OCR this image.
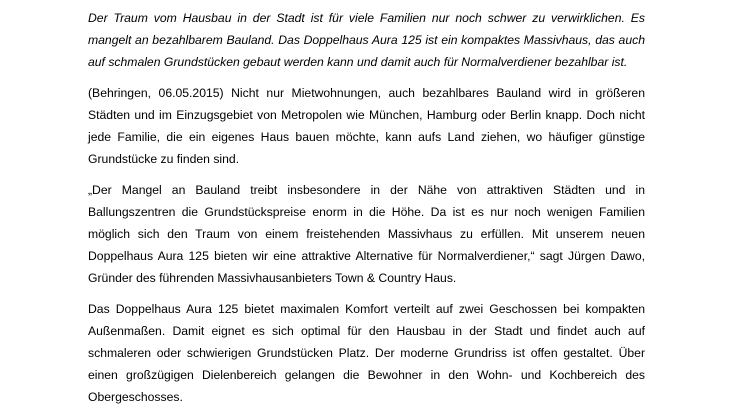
Der Traum vom Hausbau in der Stadt ist für viele Familien nur noch schwer zu verwirklichen. Es mangelt an bezahlbarem Bauland. Das Doppelhaus Aura 125 ist ein kompaktes Massivhaus, das auch auf schmalen Grundstücken gebaut werden kann und damit auch für Normalverdiener bezahlbar ist.

(Behringen, 06.05.2015) Nicht nur Mietwohnungen, auch bezahlbares Bauland wird in größeren Städten und im Einzugsgebiet von Metropolen wie München, Hamburg oder Berlin knapp. Doch nicht jede Familie, die ein eigenes Haus bauen möchte, kann aufs Land ziehen, wo häufiger günstige Grundstücke zu finden sind.

„Der Mangel an Bauland treibt insbesondere in der Nähe von attraktiven Städten und in Ballungszentren die Grundstückspreise enorm in die Höhe. Da ist es nur noch wenigen Familien möglich sich den Traum von einem freistehenden Massivhaus zu erfüllen. Mit unserem neuen Doppelhaus Aura 125 bieten wir eine attraktive Alternative für Normalverdiener,“ sagt Jürgen Dawo, Gründer des führenden Massivhausanbieters Town & Country Haus.

Das Doppelhaus Aura 125 bietet maximalen Komfort verteilt auf zwei Geschossen bei kompakten Außenmaßen. Damit eignet es sich optimal für den Hausbau in der Stadt und findet auch auf schmaleren oder schwierigen Grundstücken Platz. Der moderne Grundriss ist offen gestaltet. Über einen großzügigen Dielenbereich gelangen die Bewohner in den Wohn- und Kochbereich des Obergeschosses.
